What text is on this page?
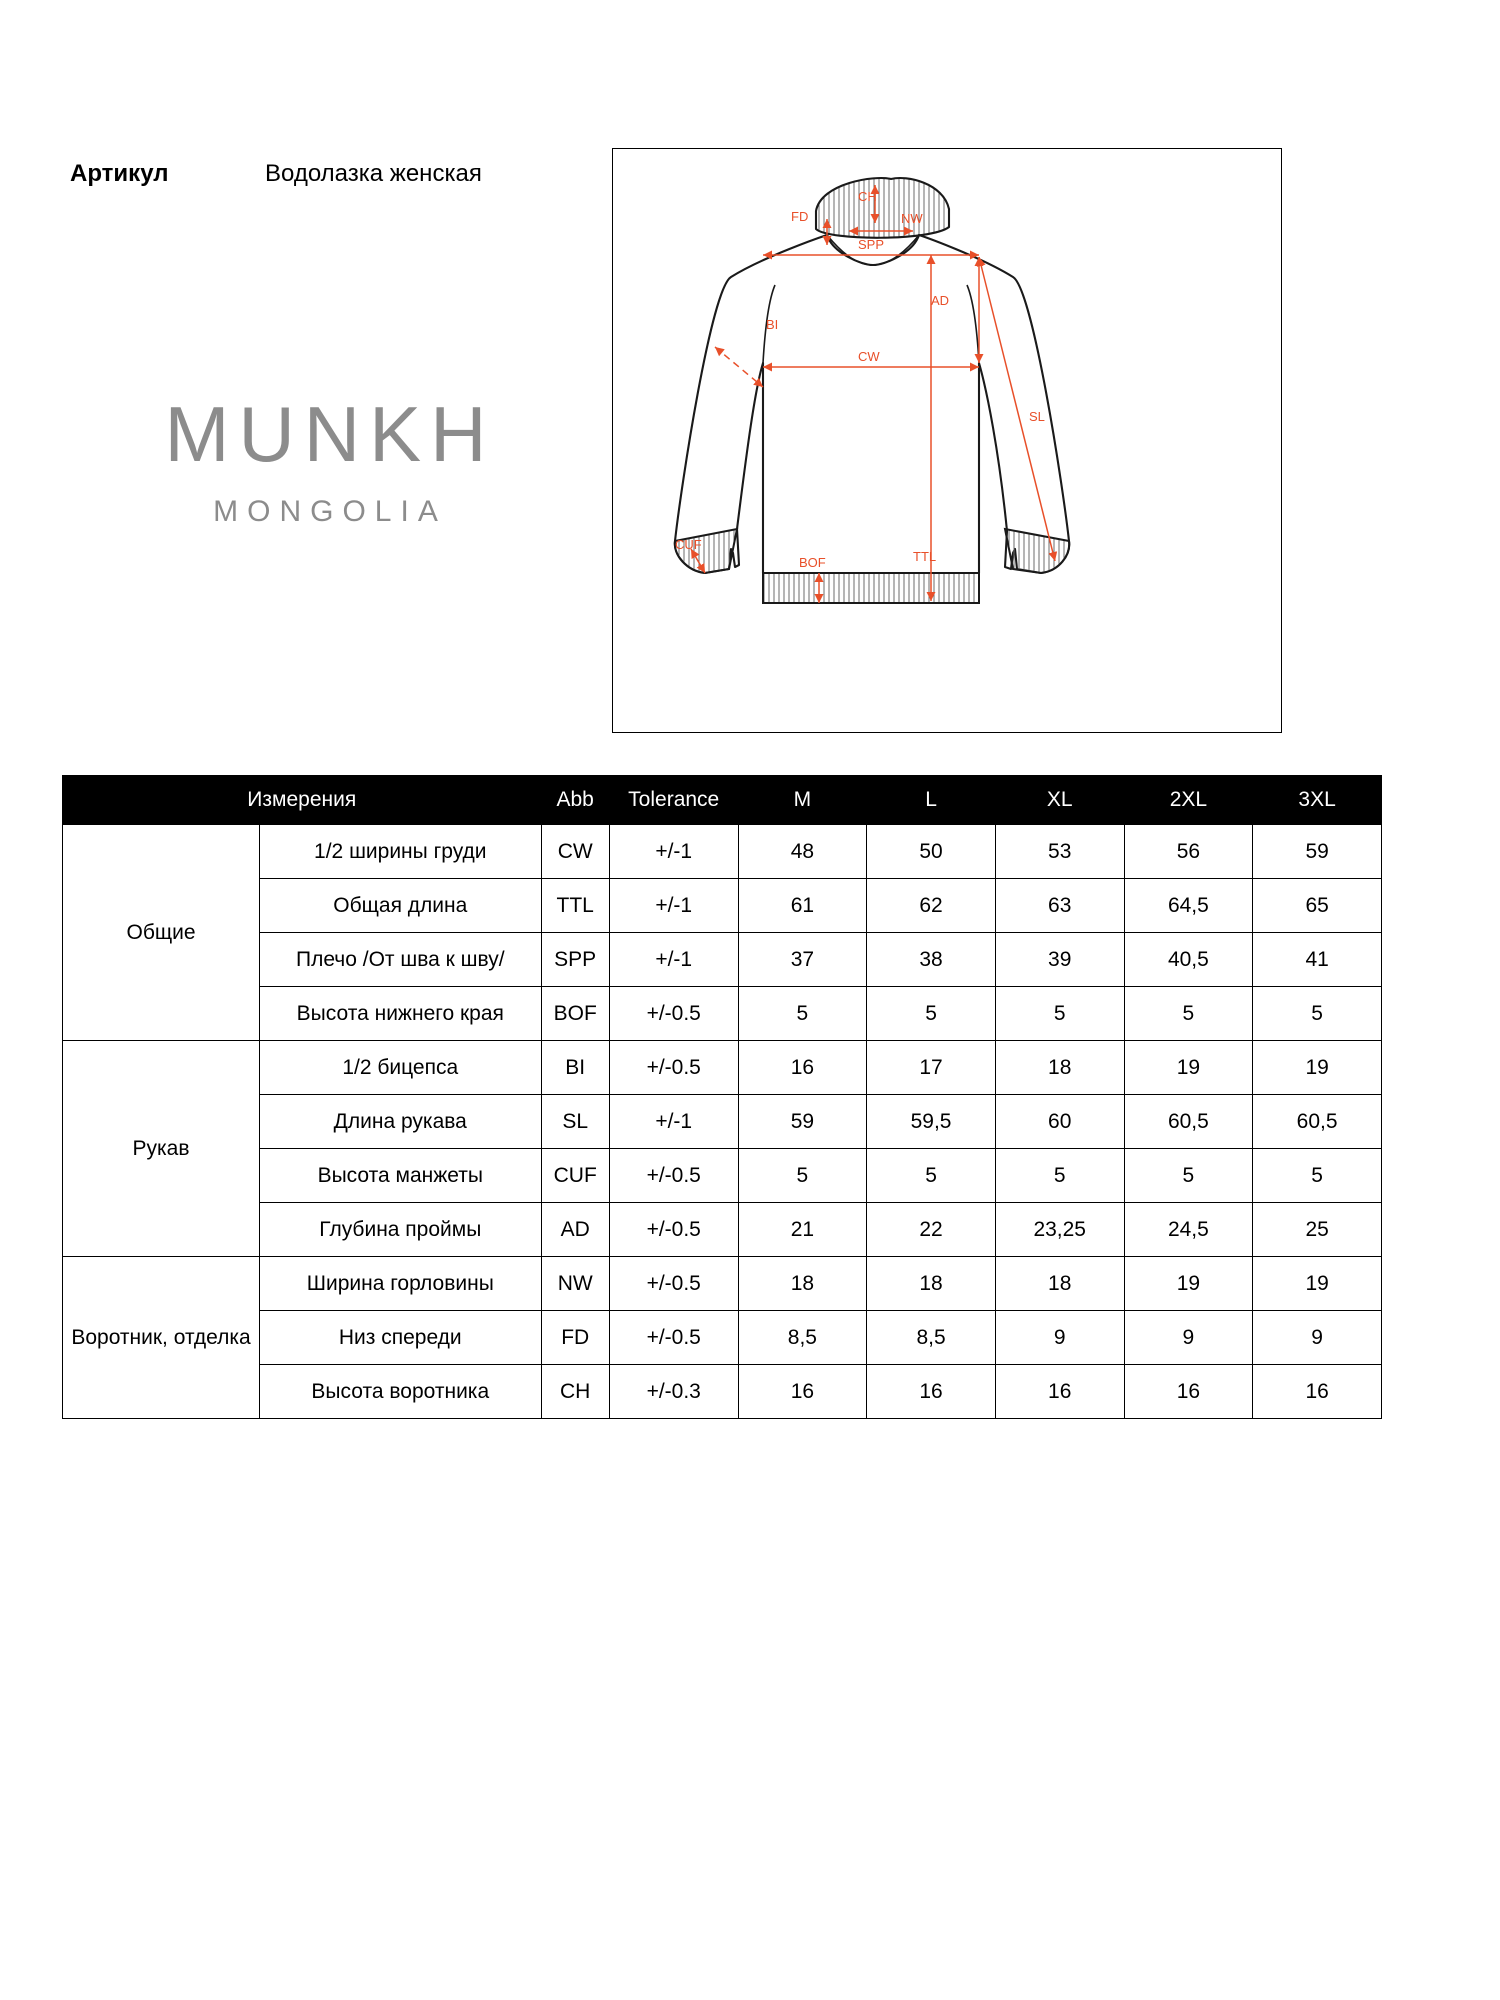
Артикул	Водолазка женская
MUNKH
MONGOLIA
CH
NW
FD
SPP
AD
BI
CW
SL
TTL
BOF
CUF
Измерения		Abb	Tolerance	M	L	XL	2XL	3XL
Общие	1/2 ширины груди	CW	+/-1	48	50	53	56	59
	Общая длина	TTL	+/-1	61	62	63	64,5	65
	Плечо /От шва к шву/	SPP	+/-1	37	38	39	40,5	41
	Высота нижнего края	BOF	+/-0.5	5	5	5	5	5
Рукав	1/2 бицепса	BI	+/-0.5	16	17	18	19	19
	Длина рукава	SL	+/-1	59	59,5	60	60,5	60,5
	Высота манжеты	CUF	+/-0.5	5	5	5	5	5
	Глубина проймы	AD	+/-0.5	21	22	23,25	24,5	25
Воротник, отделка	Ширина горловины	NW	+/-0.5	18	18	18	19	19
	Низ спереди	FD	+/-0.5	8,5	8,5	9	9	9
	Высота воротника	CH	+/-0.3	16	16	16	16	16
